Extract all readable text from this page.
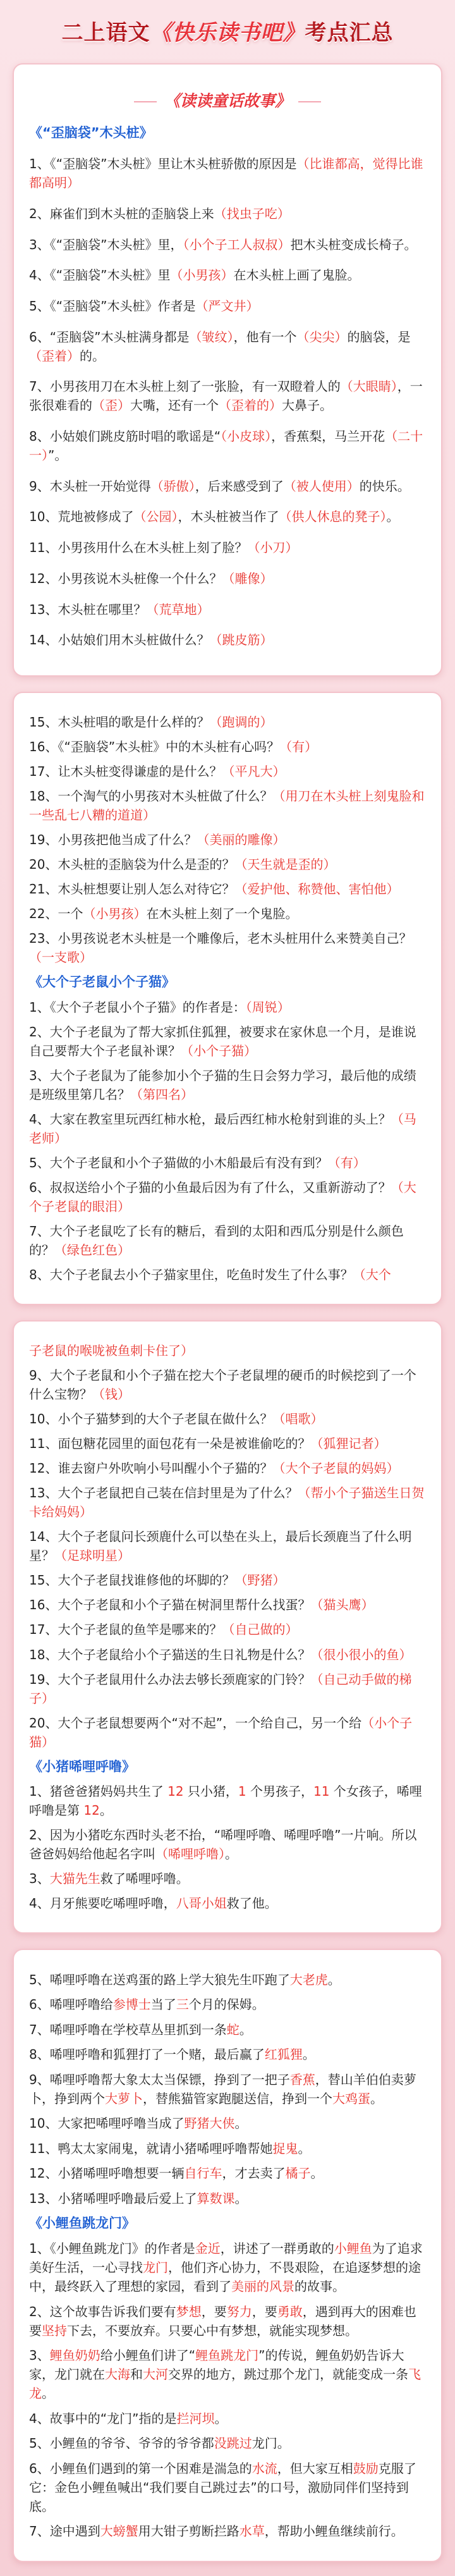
二上语文《快乐读书吧》考点汇总
《读读童话故事》
《“歪脑袋”木头桩》

1、《“歪脑袋”木头桩》里让木头桩骄傲的原因是（比谁都高，觉得比谁都高明）

2、麻雀们到木头桩的歪脑袋上来（找虫子吃）

3、《“歪脑袋”木头桩》里，（小个子工人叔叔）把木头桩变成长椅子。

4、《“歪脑袋”木头桩》里（小男孩）在木头桩上画了鬼脸。

5、《“歪脑袋”木头桩》作者是（严文井）

6、“歪脑袋”木头桩满身都是（皱纹），他有一个（尖尖）的脑袋，是（歪着）的。

7、小男孩用刀在木头桩上刻了一张脸，有一双瞪着人的（大眼睛），一张很难看的（歪）大嘴，还有一个（歪着的）大鼻子。

8、小姑娘们跳皮筋时唱的歌谣是“（小皮球），香蕉梨，马兰开花（二十一）”。

9、木头桩一开始觉得（骄傲），后来感受到了（被人使用）的快乐。

10、荒地被修成了（公园），木头桩被当作了（供人休息的凳子）。

11、小男孩用什么在木头桩上刻了脸？（小刀）

12、小男孩说木头桩像一个什么？（雕像）

13、木头桩在哪里？（荒草地）

14、小姑娘们用木头桩做什么？（跳皮筋）

15、木头桩唱的歌是什么样的？（跑调的）

16、《“歪脑袋”木头桩》中的木头桩有心吗？（有）

17、让木头桩变得谦虚的是什么？（平凡大）

18、一个淘气的小男孩对木头桩做了什么？（用刀在木头桩上刻鬼脸和一些乱七八糟的道道）

19、小男孩把他当成了什么？（美丽的雕像）

20、木头桩的歪脑袋为什么是歪的？（天生就是歪的）

21、木头桩想要让别人怎么对待它？（爱护他、称赞他、害怕他）

22、一个（小男孩）在木头桩上刻了一个鬼脸。

23、小男孩说老木头桩是一个雕像后，老木头桩用什么来赞美自己？（一支歌）

《大个子老鼠小个子猫》

1、《大个子老鼠小个子猫》的作者是：（周锐）

2、大个子老鼠为了帮大家抓住狐狸，被要求在家休息一个月，是谁说自己要帮大个子老鼠补课？（小个子猫）

3、大个子老鼠为了能参加小个子猫的生日会努力学习，最后他的成绩是班级里第几名？（第四名）

4、大家在教室里玩西红柿水枪，最后西红柿水枪射到谁的头上？（马老师）

5、大个子老鼠和小个子猫做的小木船最后有没有到？（有）

6、叔叔送给小个子猫的小鱼最后因为有了什么，又重新游动了？（大个子老鼠的眼泪）

7、大个子老鼠吃了长有的糖后，看到的太阳和西瓜分别是什么颜色的？（绿色红色）

8、大个子老鼠去小个子猫家里住，吃鱼时发生了什么事？（大个

子老鼠的喉咙被鱼刺卡住了）

9、大个子老鼠和小个子猫在挖大个子老鼠埋的硬币的时候挖到了一个什么宝物？（钱）

10、小个子猫梦到的大个子老鼠在做什么？（唱歌）

11、面包糖花园里的面包花有一朵是被谁偷吃的？（狐狸记者）

12、谁去窗户外吹响小号叫醒小个子猫的？（大个子老鼠的妈妈）

13、大个子老鼠把自己装在信封里是为了什么？（帮小个子猫送生日贺卡给妈妈）

14、大个子老鼠问长颈鹿什么可以垫在头上，最后长颈鹿当了什么明星？（足球明星）

15、大个子老鼠找谁修他的坏脚的？（野猪）

16、大个子老鼠和小个子猫在树洞里帮什么找蛋？（猫头鹰）

17、大个子老鼠的鱼竿是哪来的？（自己做的）

18、大个子老鼠给小个子猫送的生日礼物是什么？（很小很小的鱼）

19、大个子老鼠用什么办法去够长颈鹿家的门铃？（自己动手做的梯子）

20、大个子老鼠想要两个“对不起”，一个给自己，另一个给（小个子猫）

《小猪唏哩呼噜》

1、猪爸爸猪妈妈共生了 12 只小猪，1 个男孩子，11 个女孩子，唏哩呼噜是第 12。

2、因为小猪吃东西时头老不抬，“唏哩呼噜、唏哩呼噜”一片响。所以爸爸妈妈给他起名字叫（唏哩呼噜）。

3、大猫先生救了唏哩呼噜。

4、月牙熊要吃唏哩呼噜，八哥小姐救了他。

5、唏哩呼噜在送鸡蛋的路上学大狼先生吓跑了大老虎。

6、唏哩呼噜给参博士当了三个月的保姆。

7、唏哩呼噜在学校草丛里抓到一条蛇。

8、唏哩呼噜和狐狸打了一个赌，最后赢了红狐狸。

9、唏哩呼噜帮大象太太当保镖，挣到了一把子香蕉，替山羊伯伯卖萝卜，挣到两个大萝卜，替熊猫管家跑腿送信，挣到一个大鸡蛋。

10、大家把唏哩呼噜当成了野猪大侠。

11、鸭太太家闹鬼，就请小猪唏哩呼噜帮她捉鬼。

12、小猪唏哩呼噜想要一辆自行车，才去卖了橘子。

13、小猪唏哩呼噜最后爱上了算数课。

《小鲤鱼跳龙门》

1、《小鲤鱼跳龙门》的作者是金近，讲述了一群勇敢的小鲤鱼为了追求美好生活，一心寻找龙门，他们齐心协力，不畏艰险，在追逐梦想的途中，最终跃入了理想的家园，看到了美丽的风景的故事。

2、这个故事告诉我们要有梦想，要努力，要勇敢，遇到再大的困难也要坚持下去，不要放弃。只要心中有梦想，就能实现梦想。

3、鲤鱼奶奶给小鲤鱼们讲了“鲤鱼跳龙门”的传说，鲤鱼奶奶告诉大家，龙门就在大海和大河交界的地方，跳过那个龙门，就能变成一条飞龙。

4、故事中的“龙门”指的是拦河坝。

5、小鲤鱼的爷爷、爷爷的爷爷都没跳过龙门。

6、小鲤鱼们遇到的第一个困难是湍急的水流，但大家互相鼓励克服了它：金色小鲤鱼喊出“我们要自己跳过去”的口号，激励同伴们坚持到底。

7、途中遇到大螃蟹用大钳子剪断拦路水草，帮助小鲤鱼继续前行。
